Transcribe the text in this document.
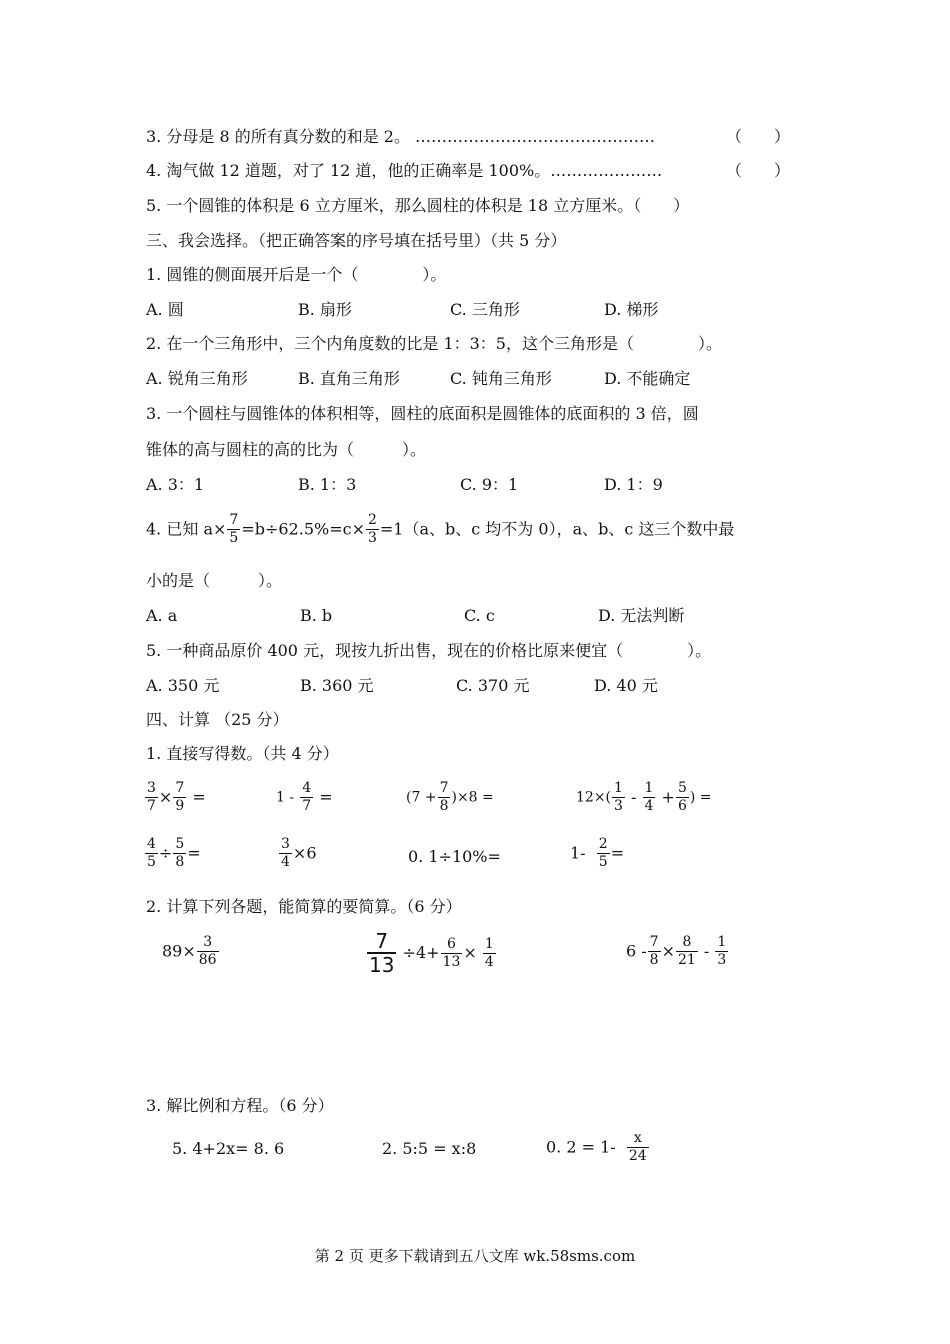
3. 分母是 8 的所有真分数的和是 2。 ………………………………………	（　　）
4. 淘气做 12 道题，对了 12 道，他的正确率是 100%。…………………	（　　）
5. 一个圆锥的体积是 6 立方厘米，那么圆柱的体积是 18 立方厘米。（　　）
三、我会选择。（把正确答案的序号填在括号里）（共 5 分）
1. 圆锥的侧面展开后是一个（　　　　）。
A. 圆	B. 扇形	C. 三角形	D. 梯形
2. 在一个三角形中，三个内角度数的比是 1：3：5，这个三角形是（　　　　）。
A. 锐角三角形	B. 直角三角形	C. 钝角三角形	D. 不能确定
3. 一个圆柱与圆锥体的体积相等，圆柱的底面积是圆锥体的底面积的 3 倍，圆
锥体的高与圆柱的高的比为（　　　）。
A. 3：1	B. 1：3	C. 9：1	D. 1：9
4. 已知 $a\times \frac{7}{5} =b\div 62.5\%=c\times \frac{2}{3} =1(a$、b、c 均不为 0），a、b、c 这三个数中最
小的是（　　　）。
A. a	B. b	C. c	D. 无法判断
5. 一种商品原价 400 元，现按九折出售，现在的价格比原来便宜（　　　　）。
A. 350 元	B. 360 元	C. 370 元	D. 40 元
四、计算 （25 分）
1. 直接写得数。（共 4 分）
$\frac{3}{7} \times \frac{7}{9}$ =	$1 - \frac{4}{7}$ =	$(7 + \frac{7}{8} )\times 8$ =	$12\times( \frac{1}{3} - \frac{1}{4} + \frac{5}{6}$ ) =
$\frac{4}{5} \div \frac{5}{8}$ =	$\frac{3}{4} \times 6$	0. 1÷10%=	$1- \frac{2}{5}$ =
2. 计算下列各题，能简算的要简算。（6 分）
$89\times \frac{3}{86}$	$\frac{7}{13} \div 4+ \frac{6}{13} \times \frac{1}{4}$	$6 - \frac{7}{8} \times \frac{8}{21} - \frac{1}{3}$
3. 解比例和方程。（6 分）
5. 4+2x= 8. 6	2. 5:5 = x:8	0. $2 = 1- \frac{x}{24}$
第 2 页 更多下载请到五八文库 wk.58sms.com
